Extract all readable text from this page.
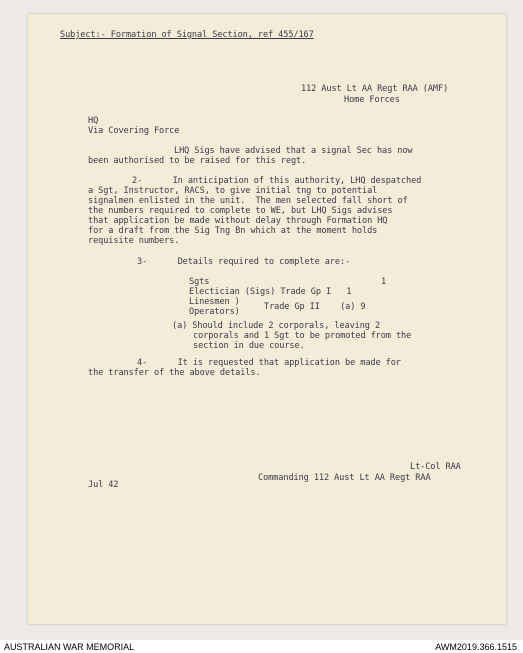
Subject:- Formation of Signal Section, ref 455/167

112 Aust Lt AA Regt RAA (AMF)

Home Forces

HQ

Via Covering Force

LHQ Sigs have advised that a signal Sec has now

been authorised to be raised for this regt.

2-      In anticipation of this authority, LHQ despatched

a Sgt, Instructor, RACS, to give initial tng to potential

signalmen enlisted in the unit.  The men selected fall short of

the numbers required to complete to WE, but LHQ Sigs advises

that application be made without delay through Formation HQ

for a draft from the Sig Tng Bn which at the moment holds

requisite numbers.

3-      Details required to complete are:-

Sgts	1

Electician (Sigs) Trade Gp I   1

Linesmen )

Operators)	Trade Gp II    (a) 9

(a) Should include 2 corporals, leaving 2

corporals and 1 Sgt to be promoted from the

section in due course.

4-      It is requested that application be made for

the transfer of the above details.

Lt-Col RAA

Commanding 112 Aust Lt AA Regt RAA

Jul 42

AUSTRALIAN WAR MEMORIAL	AWM2019.366.1515
